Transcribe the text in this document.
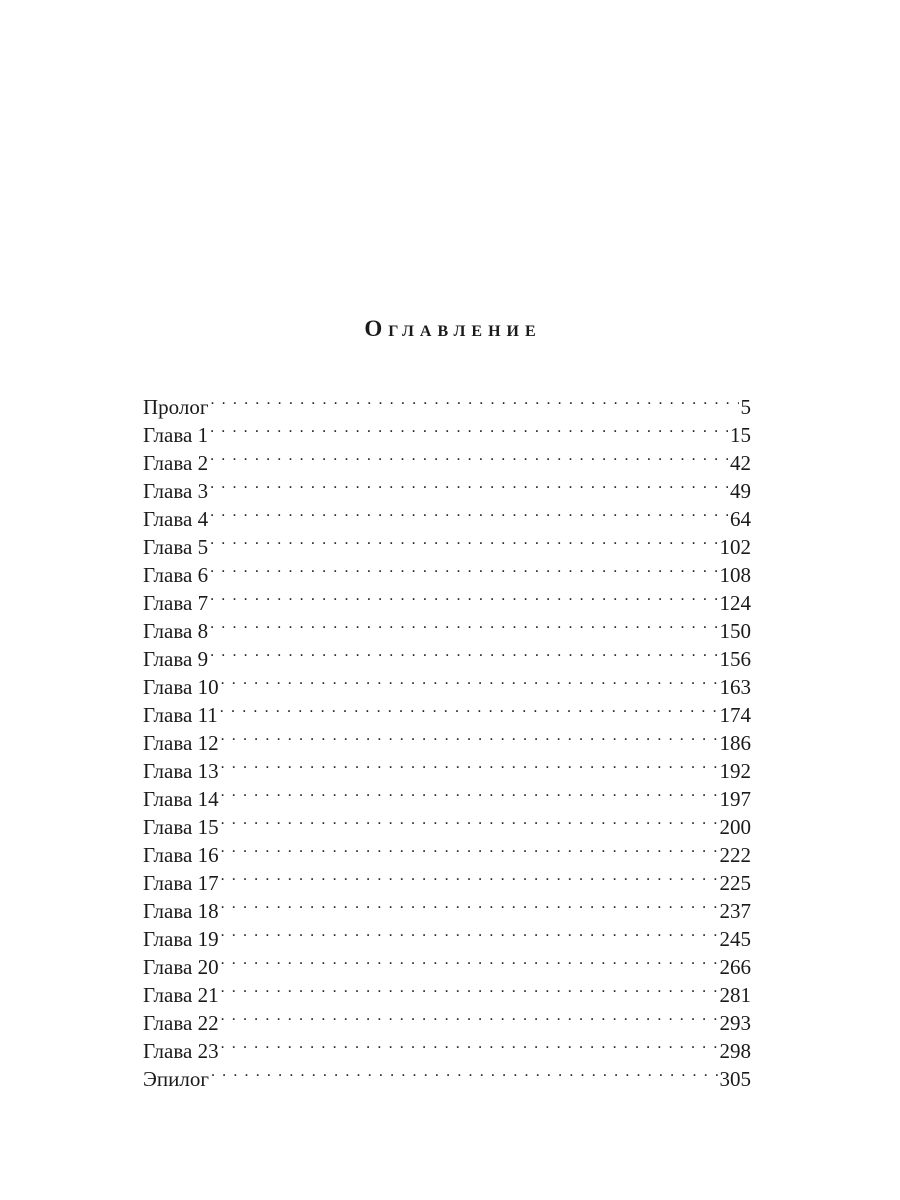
Оглавление
Пролог . . .	5
Глава 1 . . .	15
Глава 2 . . .	42
Глава 3 . . .	49
Глава 4 . . .	64
Глава 5 . . .	102
Глава 6 . . .	108
Глава 7 . . .	124
Глава 8 . . .	150
Глава 9 . . .	156
Глава 10 . . .	163
Глава 11 . . .	174
Глава 12 . . .	186
Глава 13 . . .	192
Глава 14 . . .	197
Глава 15 . . .	200
Глава 16 . . .	222
Глава 17 . . .	225
Глава 18 . . .	237
Глава 19 . . .	245
Глава 20 . . .	266
Глава 21 . . .	281
Глава 22 . . .	293
Глава 23 . . .	298
Эпилог . . .	305
